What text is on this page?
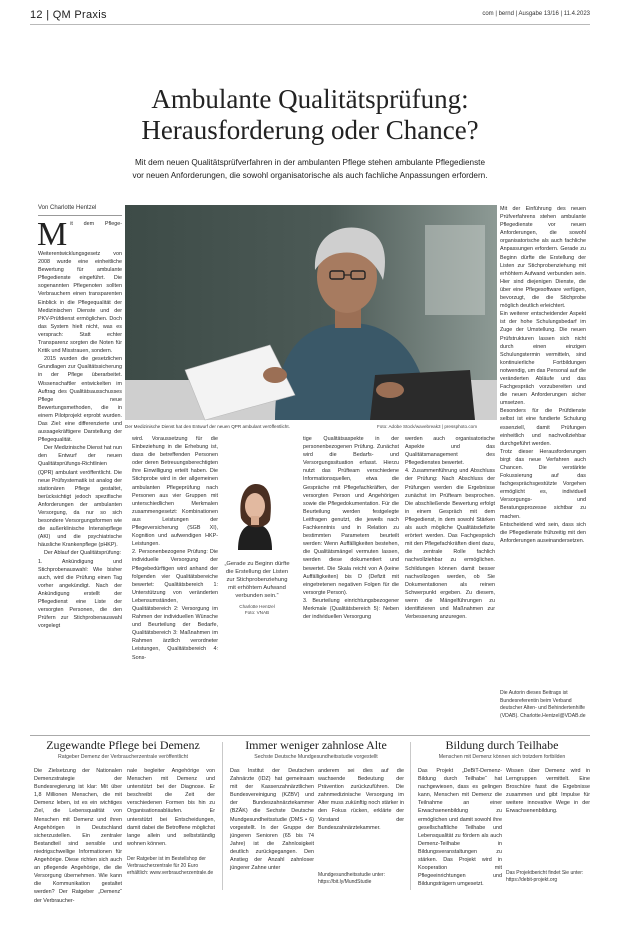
12 | QM Praxis	com | bernd | Ausgabe 13/16 | 11.4.2023
Ambulante Qualitätsprüfung:
Herausforderung oder Chance?
Mit dem neuen Qualitätsprüfverfahren in der ambulanten Pflege stehen ambulante Pflegedienste
vor neuen Anforderungen, die sowohl organisatorische als auch fachliche Anpassungen erfordern.
Von Charlotte Hentzel
M it dem Pflege-Weiterentwicklungsgesetz von 2008 wurde eine einheitliche Bewertung für ambulante Pflegedienste eingeführt. Die sogenannten Pflegenoten sollten Verbrauchern einen transparenten Einblick in die Pflegequalität der Medizinischen Dienste und der PKV-Prüfdienst ermöglichen. Doch das System hielt nicht, was es versprach: Statt echter Transparenz sorgten die Noten für Kritik und Misstrauen, sondern.

2015 wurden die gesetzlichen Grundlagen zur Qualitätssicherung in der Pflege überarbeitet. Wissenschaftler entwickelten im Auftrag des Qualitätsausschusses Pflege neue Bewertungsmethoden, die in einem Pilotprojekt erprobt wurden. Das Ziel: eine differenzierte und aussagekräftigere Darstellung der Pflegequalität.

Der Medizinische Dienst hat nun den Entwurf der neuen Qualitätsprüfungs-Richtlinien (QPR) ambulant veröffentlicht. Die neue Prüfsystematik ist analog der stationären Pflege gestaltet, berücksichtigt jedoch spezifische Anforderungen der ambulanten Versorgung, da nur so sich besondere Versorgungsformen wie die außerklinische Intensivpflege (AKI) und die psychiatrische häusliche Krankenpflege (pHKP).

Der Ablauf der Qualitätsprüfung:

1. Ankündigung und Stichprobenauswahl: Wie bisher auch, wird die Prüfung einen Tag vorher angekündigt. Nach der Ankündigung erstellt der Pflegedienst eine Liste der versorgten Personen, die den Prüfern zur Stichprobenauswahl vorgelegt

Der Medizinische Dienst hat den Entwurf der neuen QPR ambulant veröffentlicht.	Foto: Adobe Stock/wavebreak3 | pressphoto.com
wird. Voraussetzung für die Einbeziehung in die Erhebung ist, dass die betreffenden Personen oder deren Betreuungsberechtigten ihre Einwilligung erteilt haben. Die Stichprobe wird in der allgemeinen ambulanten Pflegeprüfung nach Personen aus vier Gruppen mit unterschiedlichen Merkmalen zusammengesetzt: Kombinationen aus Leistungen der Pflegeversicherung (SGB XI), Kognition und aufwendigen HKP-Leistungen.
2. Personenbezogene Prüfung: Die individuelle Versorgung der Pflegebedürftigen wird anhand der folgenden vier Qualitätsbereiche bewertet: Qualitätsbereich 1: Unterstützung von veränderten Lebensumständen, Qualitätsbereich 2: Versorgung im Rahmen der individuellen Wünsche und Beurteilung der Bedarfe, Qualitätsbereich 3: Maßnahmen im Rahmen ärztlich verordneter Leistungen, Qualitätsbereich 4: Sons-
„Gerade zu Beginn dürfte die Erstellung der Listen zur Stichprobenziehung mit erhöhtem Aufwand verbunden sein.“
Charlotte Hentzel
Foto: VNAB
tige Qualitätsaspekte in der personenbezogenen Prüfung. Zunächst wird die Bedarfs- und Versorgungssituation erfasst. Hierzu nutzt das Prüfteam verschiedene Informationsquellen, etwa die Gespräche mit Pflegefachkräften, der versorgten Person und Angehörigen sowie die Pflegedokumentation. Für die Beurteilung werden festgelegte Leitfragen genutzt, die jeweils nach Fachkenntnis und in Relation zu bestimmten Parametern beurteilt werden: Wenn Auffälligkeiten bestehen, die Qualitätsmängel vermuten lassen, werden diese dokumentiert und bewertet. Die Skala reicht von A (keine Auffälligkeiten) bis D (Defizit mit eingetretenen negativen Folgen für die versorgte Person).
3. Beurteilung einrichtungsbezogener Merkmale (Qualitätsbereich 5): Neben der individuellen Versorgung
werden auch organisatorische Aspekte und das Qualitätsmanagement des Pflegedienstes bewertet.
4. Zusammenführung und Abschluss der Prüfung: Nach Abschluss der Prüfungen werden die Ergebnisse zunächst im Prüfteam besprochen. Die abschließende Bewertung erfolgt in einem Gespräch mit dem Pflegedienst, in dem sowohl Stärken als auch mögliche Qualitätsdefizite erörtert werden. Das Fachgespräch mit den Pflegefachkräften dient dazu, die zentrale Rolle fachlich nachvollziehbar zu ermöglichen. Schildungen können damit besser nachvollzogen werden, ob Sie Dokumentationen als reinen Schwerpunkt ergeben. Zu diesem, wenn die Mängelführungen zu identifizieren und Maßnahmen zur Verbesserung anzuregen.
Mit der Einführung des neuen Prüfverfahrens stehen ambulante Pflegedienste vor neuen Anforderungen, die sowohl organisatorische als auch fachliche Anpassungen erfordern. Gerade zu Beginn dürfte die Erstellung der Listen zur Stichprobenziehung mit erhöhtem Aufwand verbunden sein. Hier sind diejenigen Dienste, die über eine Pflegesoftware verfügen, bevorzugt, die die Stichprobe möglich deutlich erleichtert.
Ein weiterer entscheidender Aspekt ist der hohe Schulungsbedarf im Zuge der Umstellung. Die neuen Prüfstrukturen lassen sich nicht durch einen einzigen Schulungstermin vermitteln, sind kontinuierliche Fortbildungen notwendig, um das Personal auf die veränderten Abläufe und das Fachgespräch vorzubereiten und die neuen Anforderungen sicher umsetzen.
Besonders für die Prüfdienste selbst ist eine fundierte Schulung essenziell, damit Prüfungen einheitlich und nachvollziehbar durchgeführt werden.
Trotz dieser Herausforderungen birgt das neue Verfahren auch Chancen. Die verstärkte Fokussierung auf das fachgesprächsgestützte Vorgehen ermöglicht es, individuell Versorgungs- und Beratungsprozesse sichtbar zu machen.
Entscheidend wird sein, dass sich die Pflegedienste frühzeitig mit den Anforderungen auseinandersetzen.
Die Autorin dieses Beitrags ist Bundesreferentin beim Verband deutscher Alten- und Behindertenhilfe (VDAB). Charlotte.Hentzel@VDAB.de
Zugewandte Pflege bei Demenz
Ratgeber Demenz der Verbraucherzentrale veröffentlicht
Die Zielsetzung der Nationalen Demenzstrategie der Bundesregierung ist klar: Mit über 1,8 Millionen Menschen, die mit Demenz leben, ist es ein wichtiges Ziel, die Lebensqualität von Menschen mit Demenz und ihren Angehörigen in Deutschland sicherzustellen. Ein zentraler Bestandteil sind sensible und niedrigschwellige Informationen für Angehörige. Diese richten sich auch an pflegende Angehörige, die die Versorgung übernehmen. Wie kann die Kommunikation gestaltet werden? Der Ratgeber „Demenz“ der Verbraucher-
nale begleiter Angehörige von Menschen mit Demenz und unterstützt bei der Diagnose. Er beschreibt die Zeit der verschiedenen Formen bis hin zu Organisationsabläufen. Er unterstützt bei Entscheidungen, damit dabei die Betroffene möglichst lange allein und selbstständig wohnen können.
Der Ratgeber ist im Bestellshop der Verbraucherzentrale für 20 Euro erhältlich: www.verbraucherzentrale.de
Immer weniger zahnlose Alte
Sechste Deutsche Mundgesundheitsstudie vorgestellt
Das Institut der Deutschen Zahnärzte (IDZ) hat gemeinsam mit der Kassenzahnärztlichen Bundesvereinigung (KZBV) und der Bundeszahnärztekammer (BZÄK) die Sechste Deutsche Mundgesundheitsstudie (DMS • 6) vorgestellt. In der Gruppe der jüngeren Senioren (65 bis 74 Jahre) ist die Zahnlosigkeit deutlich zurückgegangen. Den Anstieg der Anzahl zahnloser jüngerer Zahne unter
anderem sei dies auf die wachsende Bedeutung der Prävention zurückzuführen. Die zahnmedizinische Versorgung im Alter muss zukünftig noch stärker in den Fokus rücken, erklärte der Vorstand der Bundeszahnärztekammer.
Mundgesundheitsstudie unter: https://bit.ly/MundStudie
Bildung durch Teilhabe
Menschen mit Demenz können sich trotzdem fortbilden
Das Projekt „DeBiT-Demenz-Bildung durch Teilhabe“ hat nachgewiesen, dass es gelingen kann, Menschen mit Demenz die Teilnahme an einer Erwachsenenbildung zu ermöglichen und damit sowohl ihre gesellschaftliche Teilhabe und Lebensqualität zu fördern als auch Demenz-Teilhabe in Bildungsveranstaltungen zu stärken. Das Projekt wird in Kooperation mit Pflegeeinrichtungen und Bildungsträgern umgesetzt.
Wissen über Demenz wird in Lerngruppen vermittelt. Eine Broschüre fasst die Ergebnisse zusammen und gibt Impulse für weitere innovative Wege in der Erwachsenenbildung.
Das Projektbericht findet Sie unter: https://debit-projekt.org
